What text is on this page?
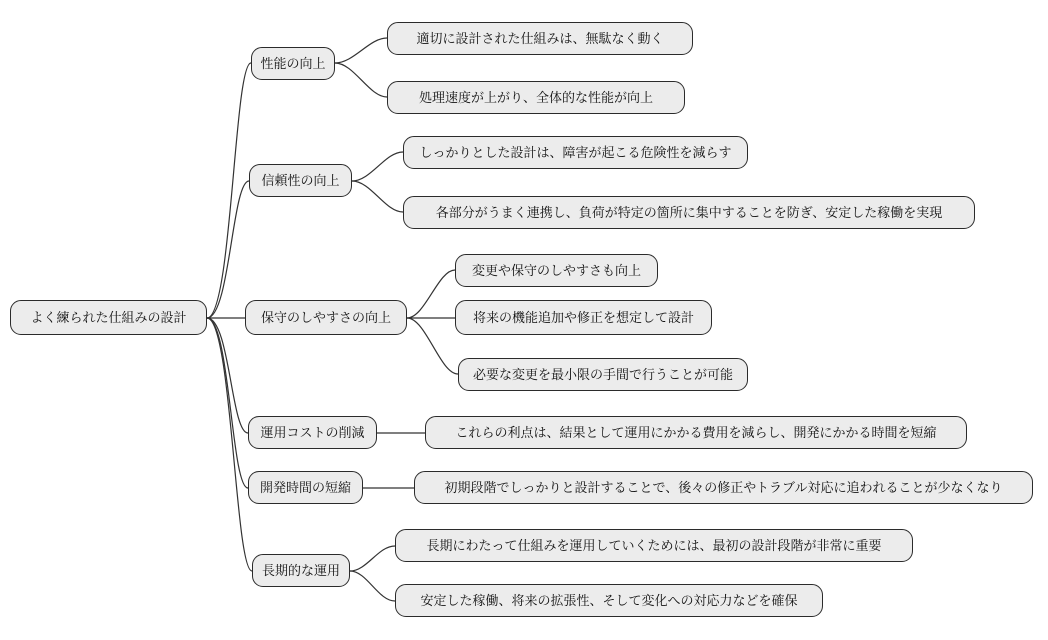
よく練られた仕組みの設計
性能の向上
信頼性の向上
保守のしやすさの向上
運用コストの削減
開発時間の短縮
長期的な運用
適切に設計された仕組みは、無駄なく動く
処理速度が上がり、全体的な性能が向上
しっかりとした設計は、障害が起こる危険性を減らす
各部分がうまく連携し、負荷が特定の箇所に集中することを防ぎ、安定した稼働を実現
変更や保守のしやすさも向上
将来の機能追加や修正を想定して設計
必要な変更を最小限の手間で行うことが可能
これらの利点は、結果として運用にかかる費用を減らし、開発にかかる時間を短縮
初期段階でしっかりと設計することで、後々の修正やトラブル対応に追われることが少なくなり
長期にわたって仕組みを運用していくためには、最初の設計段階が非常に重要
安定した稼働、将来の拡張性、そして変化への対応力などを確保
